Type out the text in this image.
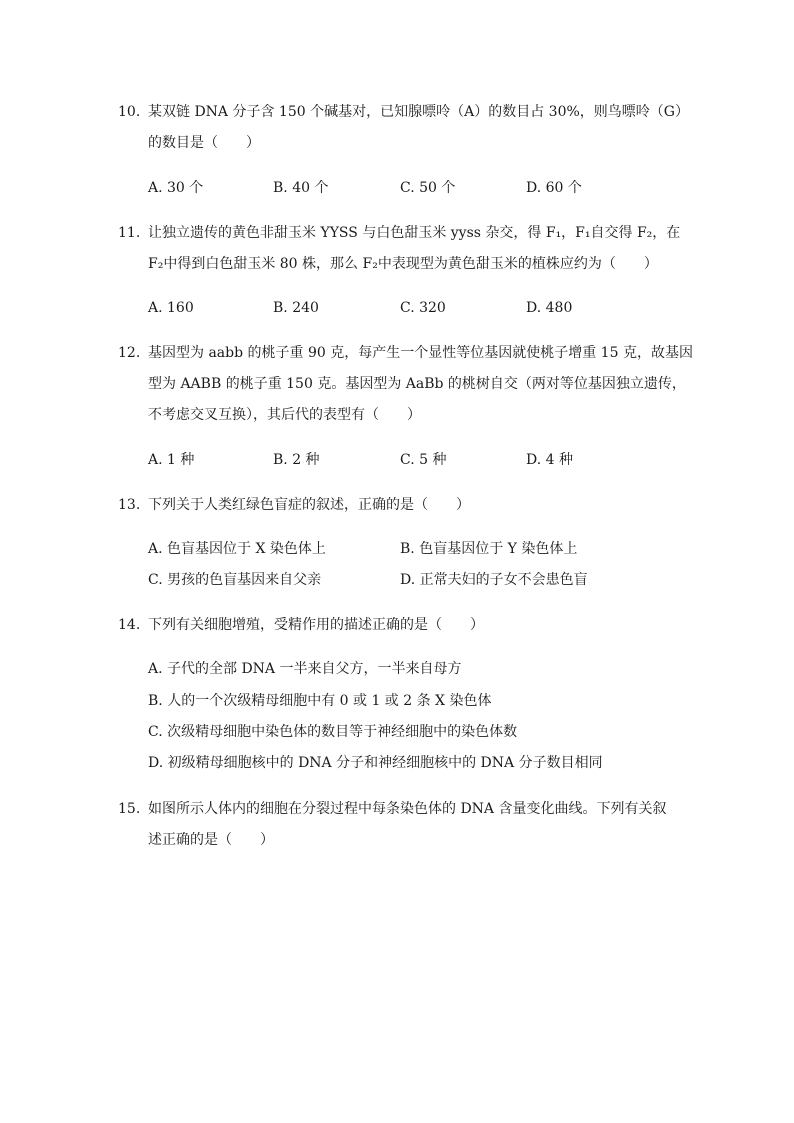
10. 某双链 DNA 分子含 150 个碱基对，已知腺嘌呤（A）的数目占 30%，则鸟嘌呤（G）
的数目是（　　）
A. 30 个	B. 40 个	C. 50 个	D. 60 个
11. 让独立遗传的黄色非甜玉米 YYSS 与白色甜玉米 yyss 杂交，得 F₁，F₁自交得 F₂，在
F₂中得到白色甜玉米 80 株，那么 F₂中表现型为黄色甜玉米的植株应约为（　　）
A. 160	B. 240	C. 320	D. 480
12. 基因型为 aabb 的桃子重 90 克，每产生一个显性等位基因就使桃子增重 15 克，故基因
型为 AABB 的桃子重 150 克。基因型为 AaBb 的桃树自交（两对等位基因独立遗传，
不考虑交叉互换），其后代的表型有（　　）
A. 1 种	B. 2 种	C. 5 种	D. 4 种
13. 下列关于人类红绿色盲症的叙述，正确的是（　　）
A. 色盲基因位于 X 染色体上	B. 色盲基因位于 Y 染色体上
C. 男孩的色盲基因来自父亲	D. 正常夫妇的子女不会患色盲
14. 下列有关细胞增殖，受精作用的描述正确的是（　　）
A. 子代的全部 DNA 一半来自父方，一半来自母方
B. 人的一个次级精母细胞中有 0 或 1 或 2 条 X 染色体
C. 次级精母细胞中染色体的数目等于神经细胞中的染色体数
D. 初级精母细胞核中的 DNA 分子和神经细胞核中的 DNA 分子数目相同
15. 如图所示人体内的细胞在分裂过程中每条染色体的 DNA 含量变化曲线。下列有关叙
述正确的是（　　）
